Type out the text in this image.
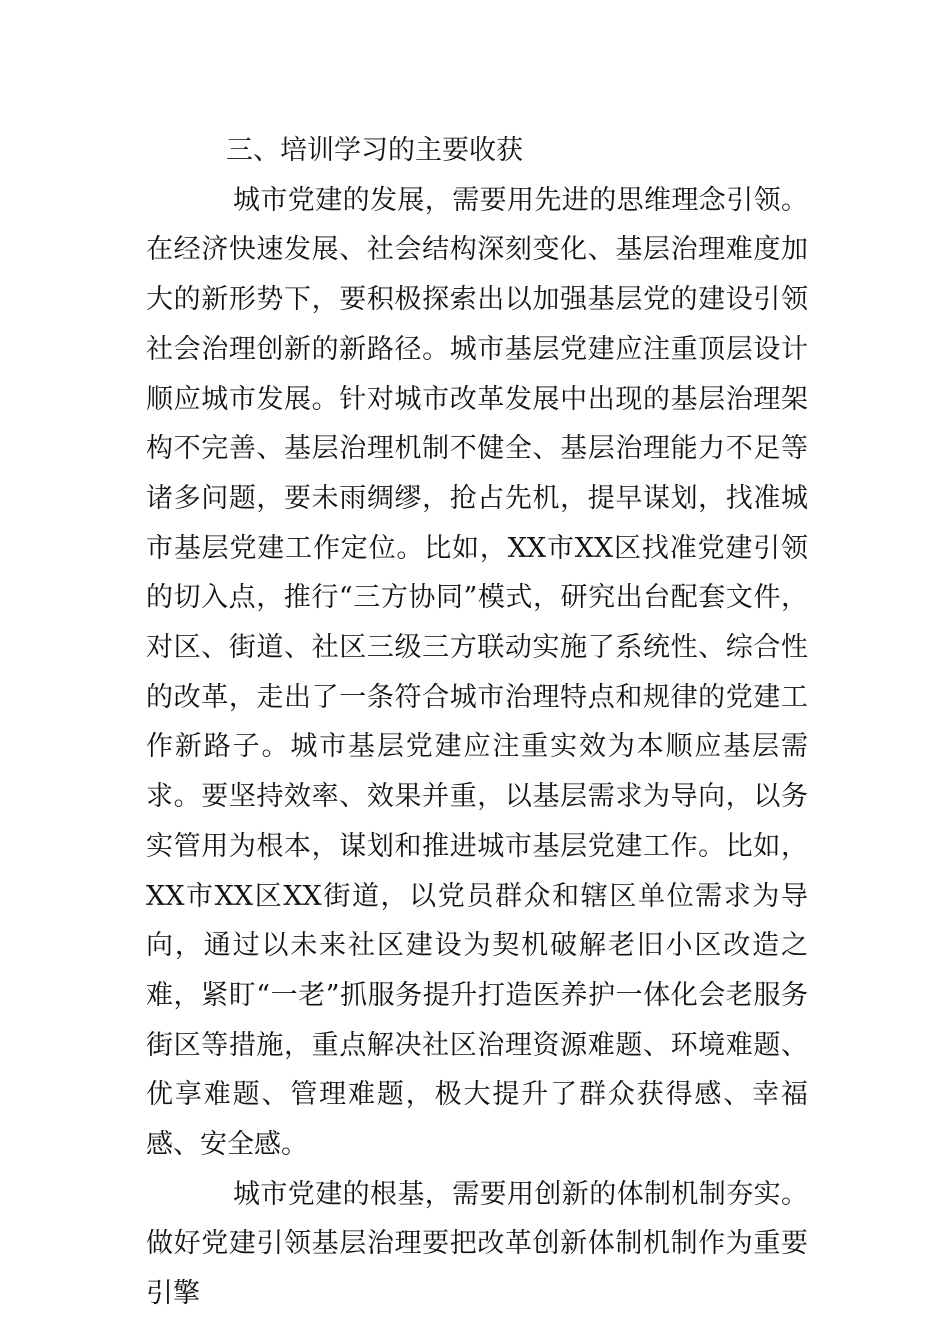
三、培训学习的主要收获

城市党建的发展，需要用先进的思维理念引领。在经济快速发展、社会结构深刻变化、基层治理难度加大的新形势下，要积极探索出以加强基层党的建设引领社会治理创新的新路径。城市基层党建应注重顶层设计顺应城市发展。针对城市改革发展中出现的基层治理架构不完善、基层治理机制不健全、基层治理能力不足等诸多问题，要未雨绸缪，抢占先机，提早谋划，找准城市基层党建工作定位。比如，XX市XX区找准党建引领的切入点，推行“三方协同”模式，研究出台配套文件，对区、街道、社区三级三方联动实施了系统性、综合性的改革，走出了一条符合城市治理特点和规律的党建工作新路子。城市基层党建应注重实效为本顺应基层需求。要坚持效率、效果并重，以基层需求为导向，以务实管用为根本，谋划和推进城市基层党建工作。比如，XX市XX区XX街道，以党员群众和辖区单位需求为导向，通过以未来社区建设为契机破解老旧小区改造之难，紧盯“一老”抓服务提升打造医养护一体化会老服务街区等措施，重点解决社区治理资源难题、环境难题、优享难题、管理难题，极大提升了群众获得感、幸福感、安全感。

城市党建的根基，需要用创新的体制机制夯实。做好党建引领基层治理要把改革创新体制机制作为重要引擎
